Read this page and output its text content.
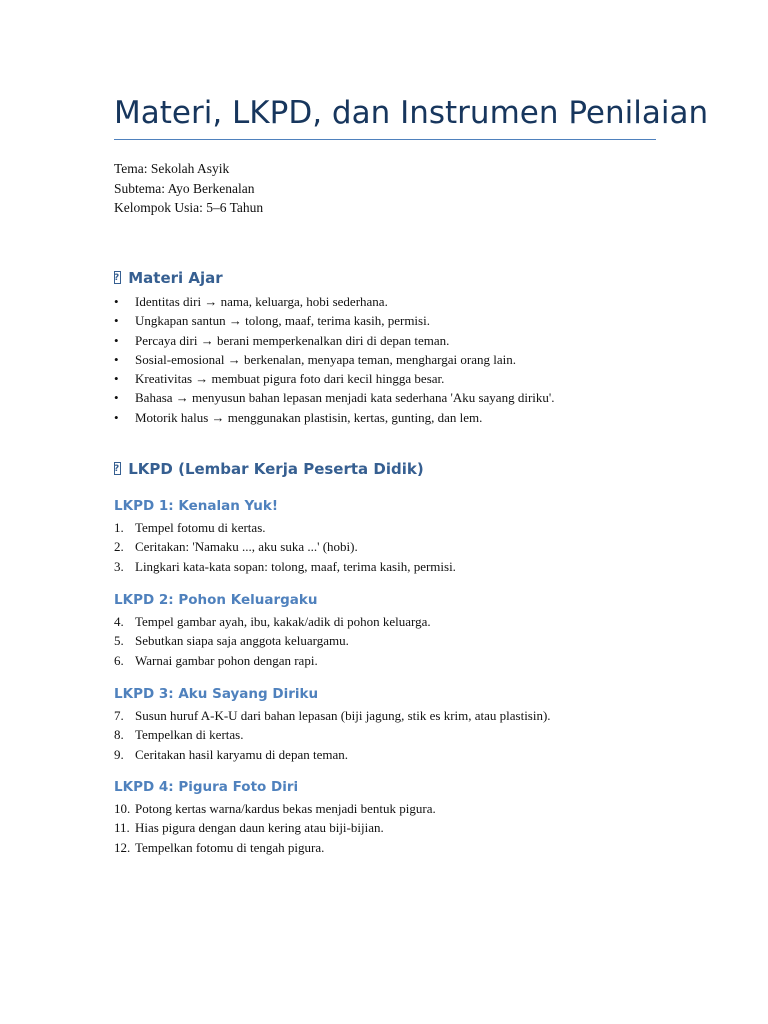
Materi, LKPD, dan Instrumen Penilaian
Tema: Sekolah Asyik
Subtema: Ayo Berkenalan
Kelompok Usia: 5–6 Tahun
? Materi Ajar
• Identitas diri → nama, keluarga, hobi sederhana.
• Ungkapan santun → tolong, maaf, terima kasih, permisi.
• Percaya diri → berani memperkenalkan diri di depan teman.
• Sosial-emosional → berkenalan, menyapa teman, menghargai orang lain.
• Kreativitas → membuat pigura foto dari kecil hingga besar.
• Bahasa → menyusun bahan lepasan menjadi kata sederhana 'Aku sayang diriku'.
• Motorik halus → menggunakan plastisin, kertas, gunting, dan lem.
? LKPD (Lembar Kerja Peserta Didik)
LKPD 1: Kenalan Yuk!
1. Tempel fotomu di kertas.
2. Ceritakan: 'Namaku ..., aku suka ...' (hobi).
3. Lingkari kata-kata sopan: tolong, maaf, terima kasih, permisi.
LKPD 2: Pohon Keluargaku
4. Tempel gambar ayah, ibu, kakak/adik di pohon keluarga.
5. Sebutkan siapa saja anggota keluargamu.
6. Warnai gambar pohon dengan rapi.
LKPD 3: Aku Sayang Diriku
7. Susun huruf A-K-U dari bahan lepasan (biji jagung, stik es krim, atau plastisin).
8. Tempelkan di kertas.
9. Ceritakan hasil karyamu di depan teman.
LKPD 4: Pigura Foto Diri
10. Potong kertas warna/kardus bekas menjadi bentuk pigura.
11. Hias pigura dengan daun kering atau biji-bijian.
12. Tempelkan fotomu di tengah pigura.
